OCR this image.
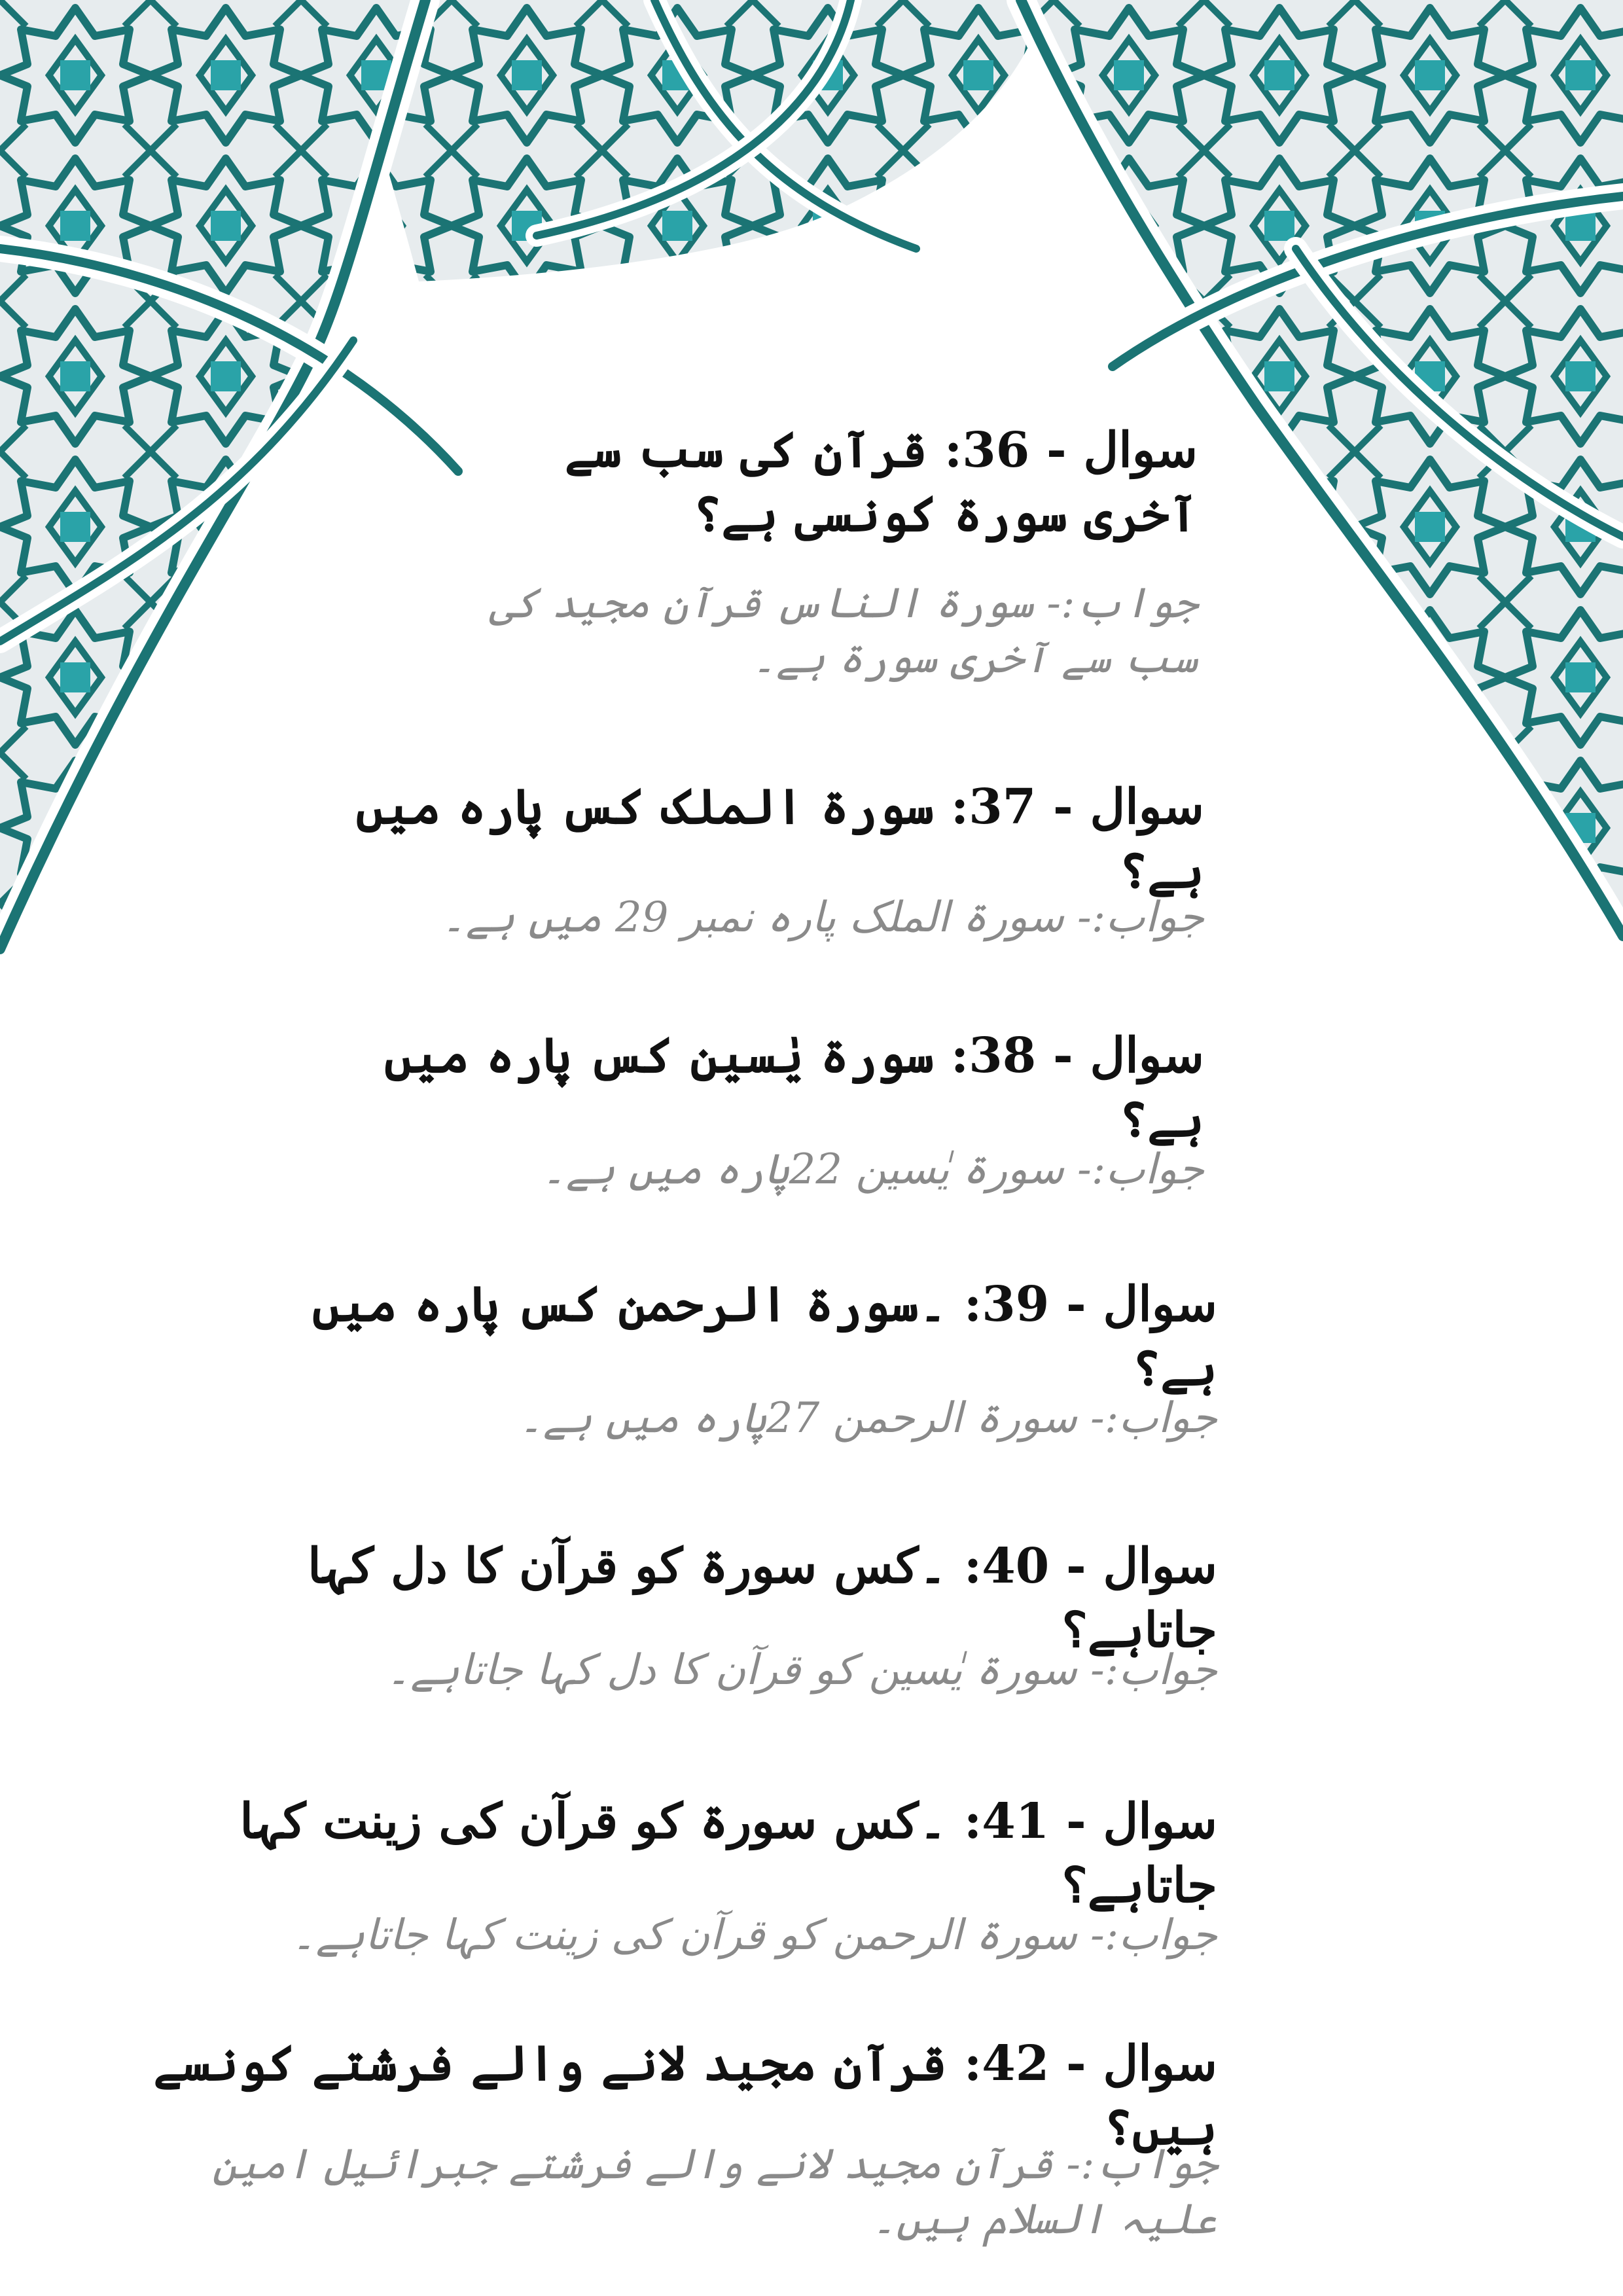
سوال - 36: قرآن کی سب سے آخری سورۃ کونسی ہے؟
جواب:- سورۃ الناس قرآن مجید کی سب سے آخری سورۃ ہے۔
سوال - 37: سورۃ الملک کس پارہ میں ہے؟
جواب:- سورۃ الملک پارہ نمبر 29 میں ہے۔
سوال - 38: سورۃ یٰسین کس پارہ میں ہے؟
جواب:- سورۃ یٰسین 22پارہ میں ہے۔
سوال - 39: ۔سورۃ الرحمن کس پارہ میں ہے؟
جواب:- سورۃ الرحمن 27پارہ میں ہے۔
سوال - 40: ۔کس سورۃ کو قرآن کا دل کہا جاتاہے؟
جواب:- سورۃ یٰسین کو قرآن کا دل کہا جاتاہے۔
سوال - 41: ۔کس سورۃ کو قرآن کی زینت کہا جاتاہے؟
جواب:- سورۃ الرحمن کو قرآن کی زینت کہا جاتاہے۔
سوال - 42: قرآن مجید لانے والے فرشتے کونسے ہیں؟
جواب:- قرآن مجید لانے والے فرشتے جبرائیل امین علیہ السلام ہیں۔
